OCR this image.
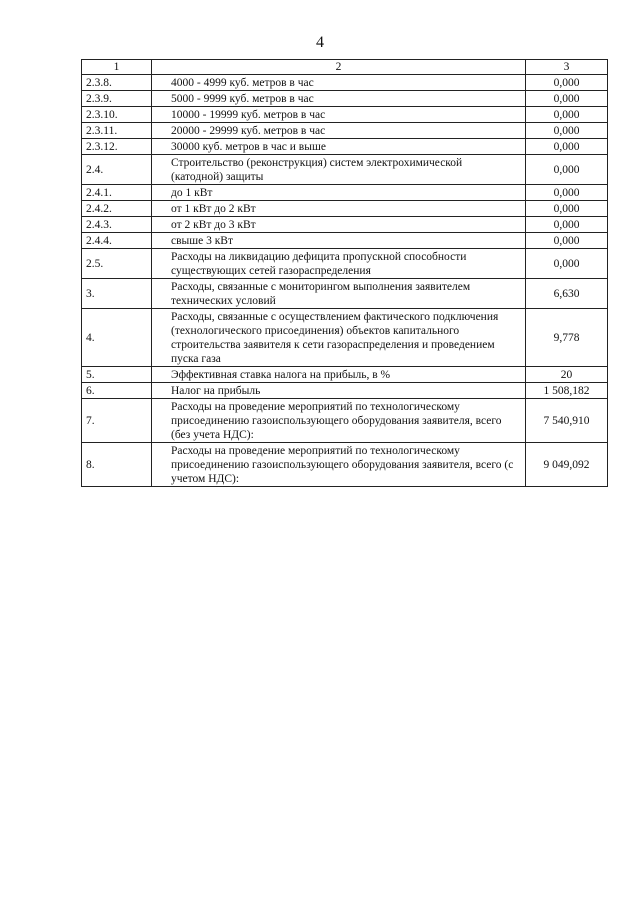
4
1	2	3
2.3.8.	4000 - 4999 куб. метров в час	0,000
2.3.9.	5000 - 9999 куб. метров в час	0,000
2.3.10.	10000 - 19999 куб. метров в час	0,000
2.3.11.	20000 - 29999 куб. метров в час	0,000
2.3.12.	30000 куб. метров в час и выше	0,000
2.4.	Строительство (реконструкция) систем электрохимической (катодной) защиты	0,000
2.4.1.	до 1 кВт	0,000
2.4.2.	от 1 кВт до 2 кВт	0,000
2.4.3.	от 2 кВт до 3 кВт	0,000
2.4.4.	свыше 3 кВт	0,000
2.5.	Расходы на ликвидацию дефицита пропускной способности существующих сетей газораспределения	0,000
3.	Расходы, связанные с мониторингом выполнения заявителем технических условий	6,630
4.	Расходы, связанные с осуществлением фактического подключения (технологического присоединения) объектов капитального строительства заявителя к сети газораспределения и проведением пуска газа	9,778
5.	Эффективная ставка налога на прибыль, в %	20
6.	Налог на прибыль	1 508,182
7.	Расходы на проведение мероприятий по технологическому присоединению газоиспользующего оборудования заявителя, всего (без учета НДС):	7 540,910
8.	Расходы на проведение мероприятий по технологическому присоединению газоиспользующего оборудования заявителя, всего (с учетом НДС):	9 049,092
